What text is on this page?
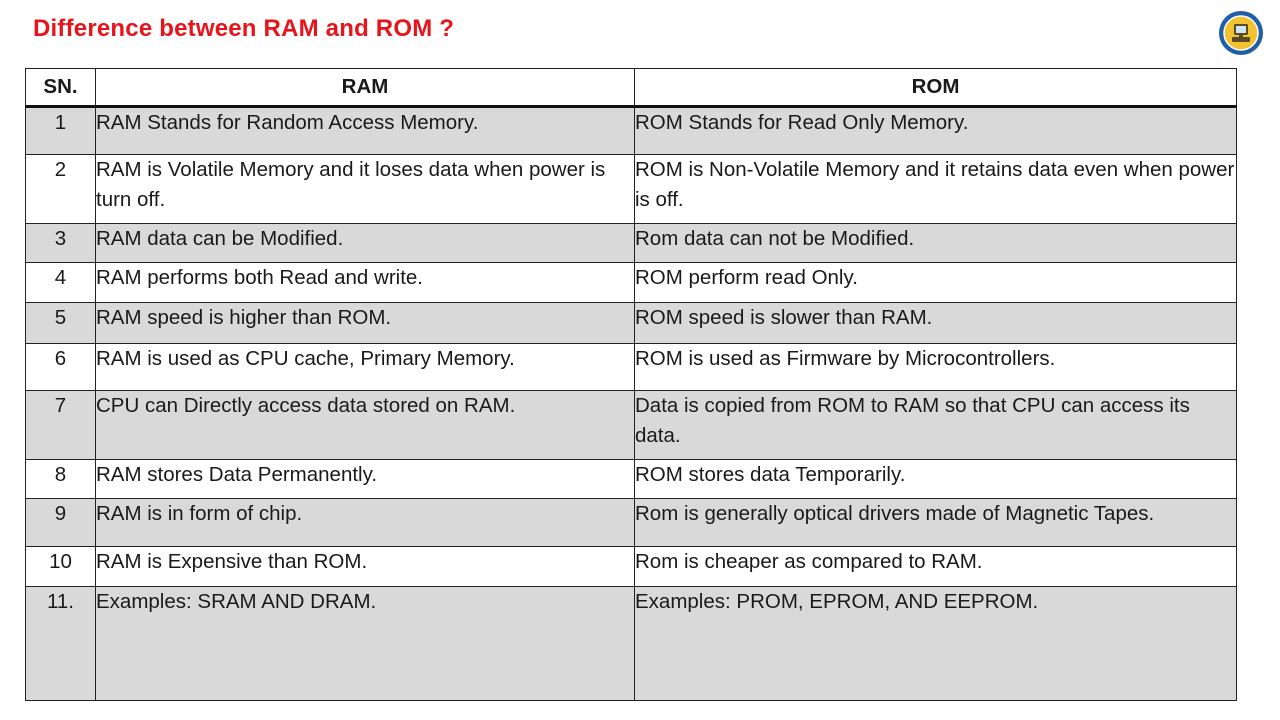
Difference between RAM and ROM ?
SN.	RAM	ROM
1	RAM Stands for Random Access Memory.	ROM Stands for Read Only Memory.
2	RAM is Volatile Memory and it loses data when power is turn off.	ROM is Non-Volatile Memory and it retains data even when power is off.
3	RAM data can be Modified.	Rom data can not be Modified.
4	RAM performs both Read and write.	ROM perform read Only.
5	RAM speed is higher than ROM.	ROM speed is slower than RAM.
6	RAM is used as CPU cache, Primary Memory.	ROM is used as Firmware by Microcontrollers.
7	CPU can Directly access data stored on RAM.	Data is copied from ROM to RAM so that CPU can access its data.
8	RAM stores Data Permanently.	ROM stores data Temporarily.
9	RAM is in form of chip.	Rom is generally optical drivers made of Magnetic Tapes.
10	RAM is Expensive than ROM.	Rom is cheaper as compared to RAM.
11.	Examples: SRAM AND DRAM.	Examples: PROM, EPROM, AND EEPROM.
